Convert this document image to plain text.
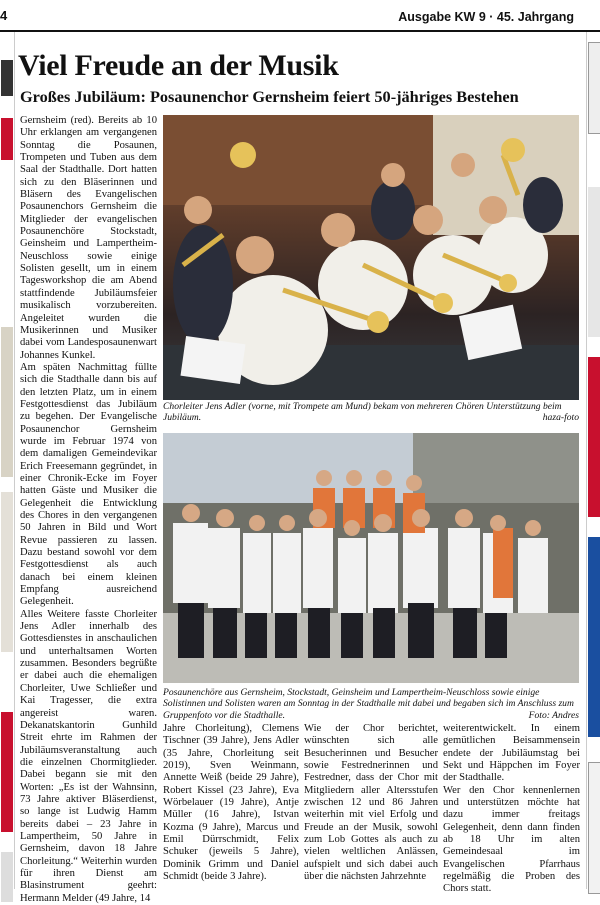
4	Ausgabe KW 9 · 45. Jahrgang
Viel Freude an der Musik
Großes Jubiläum: Posaunenchor Gernsheim feiert 50-jähriges Bestehen

Gernsheim (red). Bereits ab 10 Uhr erklangen am vergangenen Sonntag die Posaunen, Trompeten und Tuben aus dem Saal der Stadthalle. Dort hatten sich zu den Bläserinnen und Bläsern des Evangelischen Posaunenchors Gernsheim die Mitglieder der evangelischen Posaunenchöre Stockstadt, Geinsheim und Lampertheim-Neuschloss sowie einige Solisten gesellt, um in einem Tagesworkshop die am Abend stattfindende Jubiläumsfeier musikalisch vorzubereiten. Angeleitet wurden die Musikerinnen und Musiker dabei vom Landesposaunenwart Johannes Kunkel.

Am späten Nachmittag füllte sich die Stadthalle dann bis auf den letzten Platz, um in einem Festgottesdienst das Jubiläum zu begehen. Der Evangelische Posaunenchor Gernsheim wurde im Februar 1974 von dem damaligen Gemeindevikar Erich Freesemann gegründet, in einer Chronik-Ecke im Foyer hatten Gäste und Musiker die Gelegenheit die Entwicklung des Chores in den vergangenen 50 Jahren in Bild und Wort Revue passieren zu lassen. Dazu bestand sowohl vor dem Festgottesdienst als auch danach bei einem kleinen Empfang ausreichend Gelegenheit.

Alles Weitere fasste Chorleiter Jens Adler innerhalb des Gottesdienstes in anschaulichen und unterhaltsamen Worten zusammen. Besonders begrüßte er dabei auch die ehemaligen Chorleiter, Uwe Schließer und Kai Tragesser, die extra angereist waren. Dekanatskantorin Gunhild Streit ehrte im Rahmen der Jubiläumsveranstaltung auch die einzelnen Chormitglieder. Dabei begann sie mit den Worten: „Es ist der Wahnsinn, 73 Jahre aktiver Bläserdienst, so lange ist Ludwig Hamm bereits dabei – 23 Jahre in Lampertheim, 50 Jahre in Gernsheim, davon 18 Jahre Chorleitung.“ Weiterhin wurden für ihren Dienst am Blasinstrument geehrt: Hermann Melder (49 Jahre, 14

Chorleiter Jens Adler (vorne, mit Trompete am Mund) bekam von mehreren Chören Unterstützung beim Jubiläum.	haza-foto
Posaunenchöre aus Gernsheim, Stockstadt, Geinsheim und Lampertheim-Neuschloss sowie einige Solistinnen und Solisten waren am Sonntag in der Stadthalle mit dabei und begaben sich im Anschluss zum Gruppenfoto vor die Stadthalle.	Foto: Andres

Jahre Chorleitung), Clemens Tischner (39 Jahre), Jens Adler (35 Jahre, Chorleitung seit 2019), Sven Weinmann, Annette Weiß (beide 29 Jahre), Robert Kissel (23 Jahre), Eva Wörbelauer (19 Jahre), Antje Müller (16 Jahre), Istvan Kozma (9 Jahre), Marcus und Emil Dürrschmidt, Felix Schuker (jeweils 5 Jahre), Dominik Grimm und Daniel Schmidt (beide 3 Jahre).

Wie der Chor berichtet, wünschten sich alle Besucherinnen und Besucher sowie Festrednerinnen und Festredner, dass der Chor mit Mitgliedern aller Altersstufen zwischen 12 und 86 Jahren weiterhin mit viel Erfolg und Freude an der Musik, sowohl zum Lob Gottes als auch zu vielen weltlichen Anlässen, aufspielt und sich dabei auch über die nächsten Jahrzehnte

weiterentwickelt. In einem gemütlichen Beisammensein endete der Jubiläumstag bei Sekt und Häppchen im Foyer der Stadthalle.

Wer den Chor kennenlernen und unterstützen möchte hat dazu immer freitags Gelegenheit, denn dann finden ab 18 Uhr im alten Gemeindesaal im Evangelischen Pfarrhaus regelmäßig die Proben des Chors statt.
